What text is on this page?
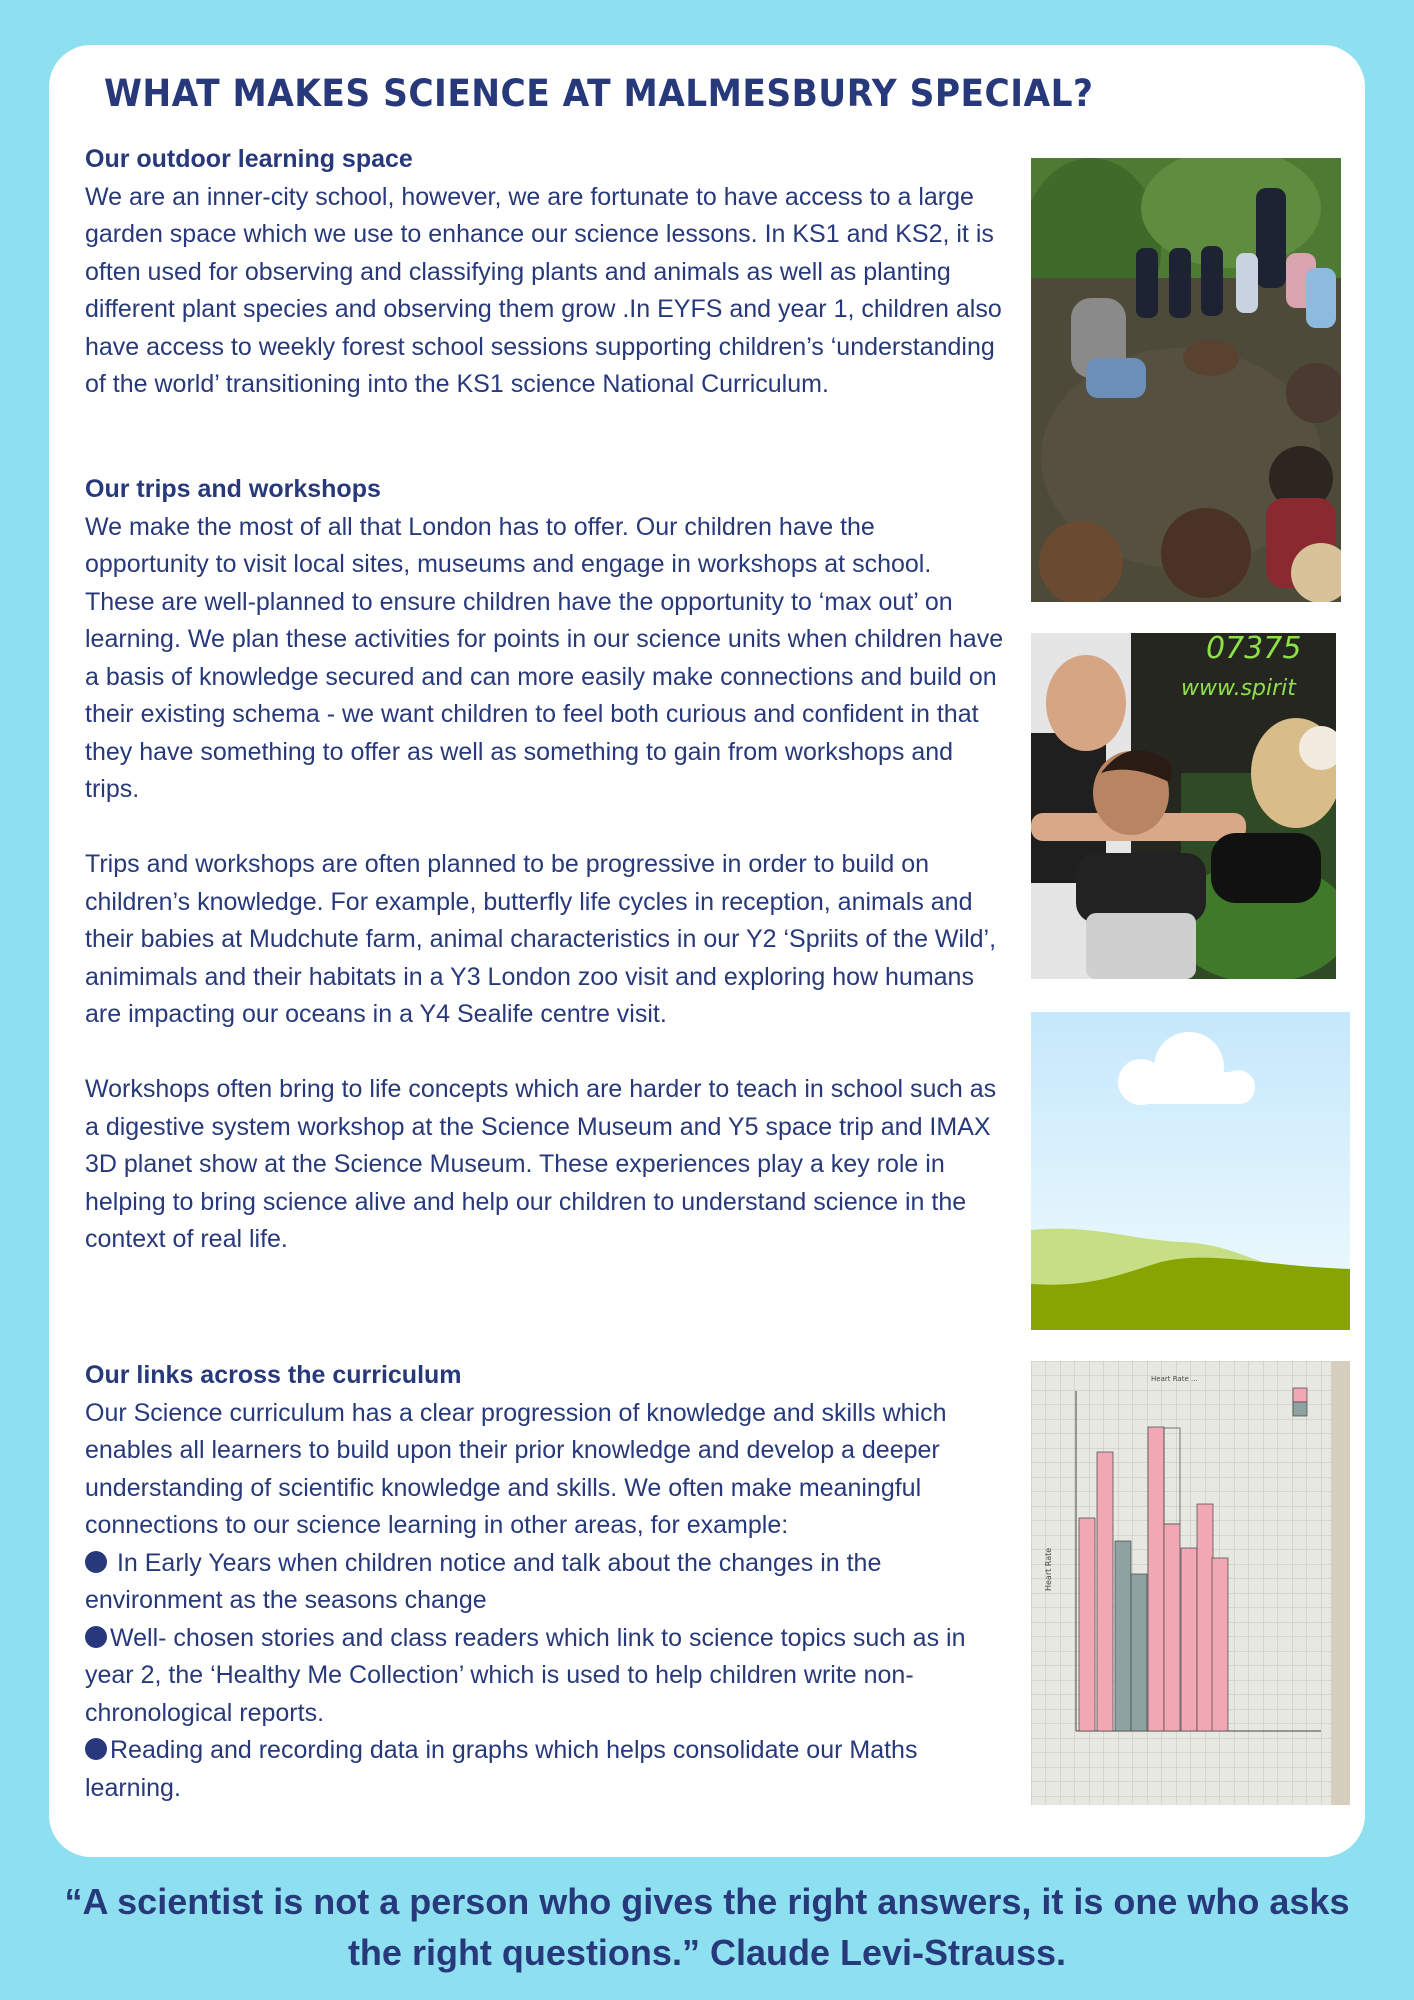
WHAT MAKES SCIENCE AT MALMESBURY SPECIAL?
Our outdoor learning space

We are an inner-city school, however, we are fortunate to have access to a large garden space which we use to enhance our science lessons. In KS1 and KS2, it is often used for observing and classifying plants and animals as well as planting different plant species and observing them grow .In EYFS and year 1, children also have access to weekly forest school sessions supporting children’s ‘understanding of the world’ transitioning into the KS1 science National Curriculum.

Our trips and workshops

We make the most of all that London has to offer. Our children have the opportunity to visit local sites, museums and engage in workshops at school. These are well-planned to ensure children have the opportunity to ‘max out’ on learning. We plan these activities for points in our science units when children have a basis of knowledge secured and can more easily make connections and build on their existing schema - we want children to feel both curious and confident in that they have something to offer as well as something to gain from workshops and trips.

Trips and workshops are often planned to be progressive in order to build on children’s knowledge. For example, butterfly life cycles in reception, animals and their babies at Mudchute farm, animal characteristics in our Y2 ‘Spriits of the Wild’, animimals and their habitats in a Y3 London zoo visit and exploring how humans are impacting our oceans in a Y4 Sealife centre visit.

Workshops often bring to life concepts which are harder to teach in school such as a digestive system workshop at the Science Museum and Y5 space trip and IMAX 3D planet show at the Science Museum. These experiences play a key role in helping to bring science alive and help our children to understand science in the context of real life.

Our links across the curriculum

Our Science curriculum has a clear progression of knowledge and skills which enables all learners to build upon their prior knowledge and develop a deeper understanding of scientific knowledge and skills. We often make meaningful connections to our science learning in other areas, for example:

In Early Years when children notice and talk about the changes in the environment as the seasons change

Well- chosen stories and class readers which link to science topics such as in year 2, the ‘Healthy Me Collection’ which is used to help children write non-chronological reports.

Reading and recording data in graphs which helps consolidate our Maths learning.

07375
www.spirit
Heart Rate
Heart Rate ...

“A scientist is not a person who gives the right answers, it is one who asks the right questions.” Claude Levi-Strauss.
